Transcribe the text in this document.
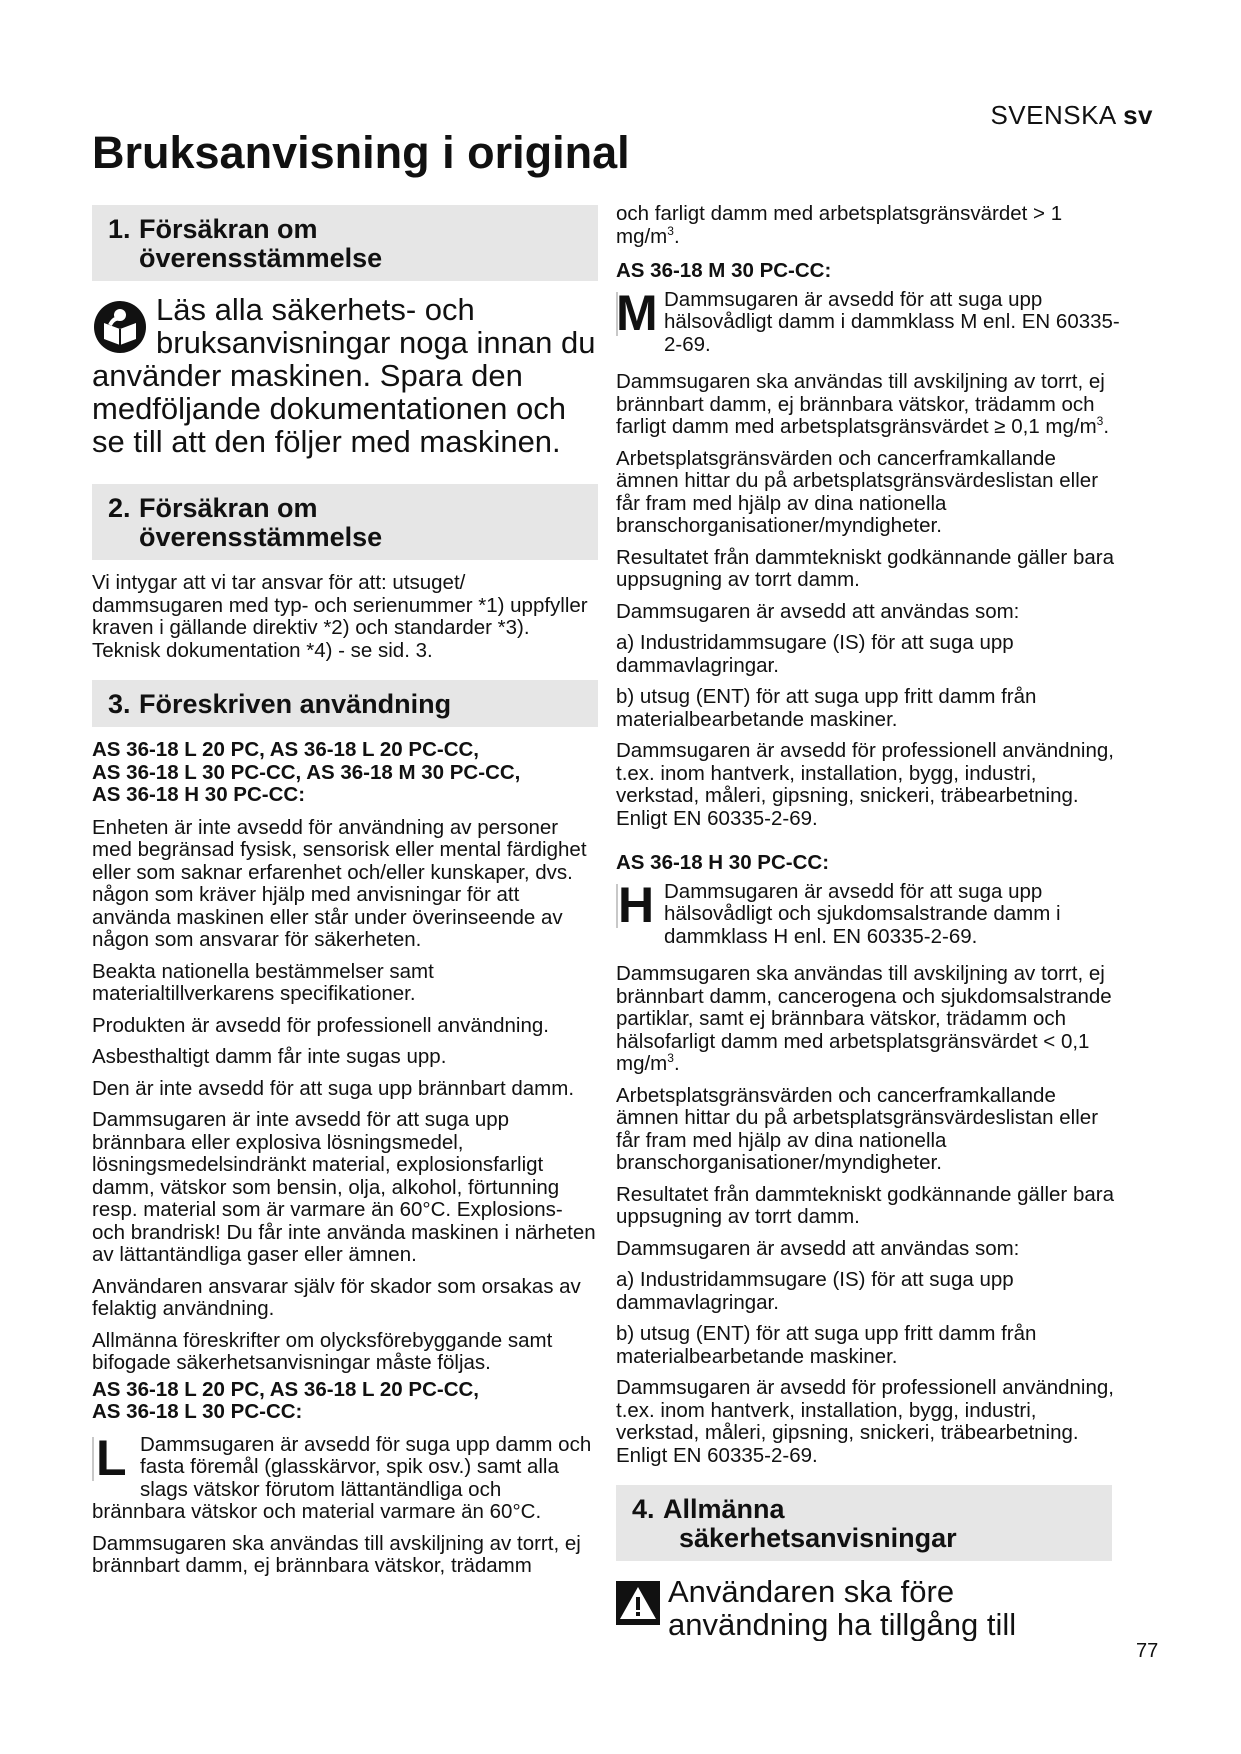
SVENSKA sv
Bruksanvisning i original
1. Försäkran om
överensstämmelse

Läs alla säkerhets- och bruksanvisningar noga innan du använder maskinen. Spara den medföljande dokumentationen och se till att den följer med maskinen.

2. Försäkran om
överensstämmelse

Vi intygar att vi tar ansvar för att: utsuget/ dammsugaren med typ- och serienummer *1) uppfyller kraven i gällande direktiv *2) och standarder *3). Teknisk dokumentation *4) - se sid. 3.

3. Föreskriven användning
AS 36-18 L 20 PC, AS 36-18 L 20 PC-CC,
AS 36-18 L 30 PC-CC, AS 36-18 M 30 PC-CC,
AS 36-18 H 30 PC-CC:

Enheten är inte avsedd för användning av personer med begränsad fysisk, sensorisk eller mental färdighet eller som saknar erfarenhet och/eller kunskaper, dvs. någon som kräver hjälp med anvisningar för att använda maskinen eller står under överinseende av någon som ansvarar för säkerheten.

Beakta nationella bestämmelser samt materialtillverkarens specifikationer.

Produkten är avsedd för professionell användning.

Asbesthaltigt damm får inte sugas upp.

Den är inte avsedd för att suga upp brännbart damm.

Dammsugaren är inte avsedd för att suga upp brännbara eller explosiva lösningsmedel, lösningsmedelsindränkt material, explosionsfarligt damm, vätskor som bensin, olja, alkohol, förtunning resp. material som är varmare än 60°C. Explosions- och brandrisk! Du får inte använda maskinen i närheten av lättantändliga gaser eller ämnen.

Användaren ansvarar själv för skador som orsakas av felaktig användning.

Allmänna föreskrifter om olycksförebyggande samt bifogade säkerhetsanvisningar måste följas.

AS 36-18 L 20 PC, AS 36-18 L 20 PC-CC,
AS 36-18 L 30 PC-CC:
L Dammsugaren är avsedd för suga upp damm och fasta föremål (glasskärvor, spik osv.) samt alla slags vätskor förutom lättantändliga och brännbara vätskor och material varmare än 60°C.

Dammsugaren ska användas till avskiljning av torrt, ej brännbart damm, ej brännbara vätskor, trädamm

och farligt damm med arbetsplatsgränsvärdet > 1 $mg/m^3$.

AS 36-18 M 30 PC-CC:
M Dammsugaren är avsedd för att suga upp hälsovådligt damm i dammklass M enl. EN 60335-2-69.

Dammsugaren ska användas till avskiljning av torrt, ej brännbart damm, ej brännbara vätskor, trädamm och farligt damm med arbetsplatsgränsvärdet ≥ 0,1 $mg/m^3$.

Arbetsplatsgränsvärden och cancerframkallande ämnen hittar du på arbetsplatsgränsvärdeslistan eller får fram med hjälp av dina nationella branschorganisationer/myndigheter.

Resultatet från dammtekniskt godkännande gäller bara uppsugning av torrt damm.

Dammsugaren är avsedd att användas som:

a) Industridammsugare (IS) för att suga upp dammavlagringar.

b) utsug (ENT) för att suga upp fritt damm från materialbearbetande maskiner.

Dammsugaren är avsedd för professionell användning, t.ex. inom hantverk, installation, bygg, industri, verkstad, måleri, gipsning, snickeri, träbearbetning. Enligt EN 60335-2-69.

AS 36-18 H 30 PC-CC:
H Dammsugaren är avsedd för att suga upp hälsovådligt och sjukdomsalstrande damm i dammklass H enl. EN 60335-2-69.

Dammsugaren ska användas till avskiljning av torrt, ej brännbart damm, cancerogena och sjukdomsalstrande partiklar, samt ej brännbara vätskor, trädamm och hälsofarligt damm med arbetsplatsgränsvärdet < 0,1 $mg/m^3$.

Arbetsplatsgränsvärden och cancerframkallande ämnen hittar du på arbetsplatsgränsvärdeslistan eller får fram med hjälp av dina nationella branschorganisationer/myndigheter.

Resultatet från dammtekniskt godkännande gäller bara uppsugning av torrt damm.

Dammsugaren är avsedd att användas som:

a) Industridammsugare (IS) för att suga upp dammavlagringar.

b) utsug (ENT) för att suga upp fritt damm från materialbearbetande maskiner.

Dammsugaren är avsedd för professionell användning, t.ex. inom hantverk, installation, bygg, industri, verkstad, måleri, gipsning, snickeri, träbearbetning. Enligt EN 60335-2-69.

4. Allmänna
säkerhetsanvisningar

Användaren ska före användning ha tillgång till

77
